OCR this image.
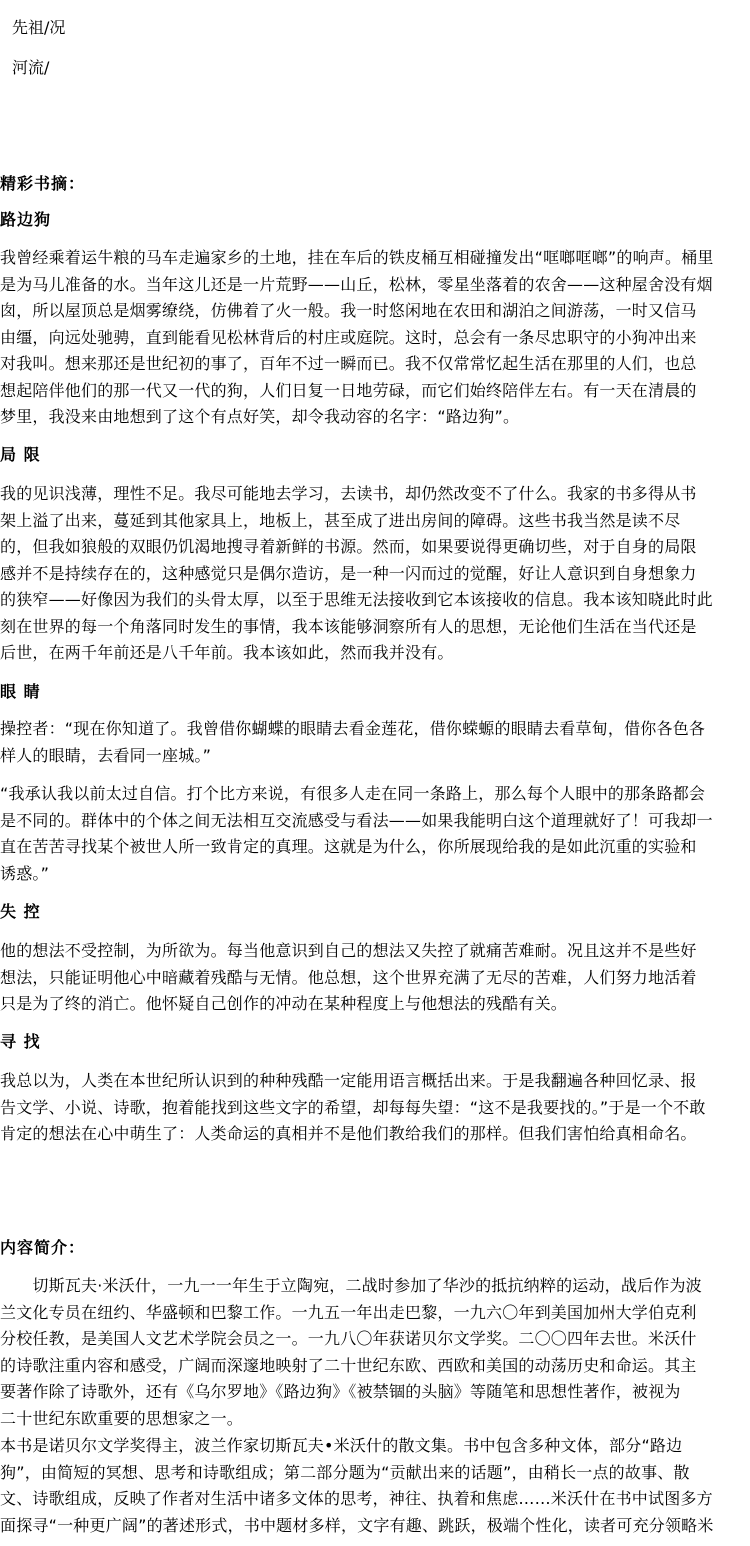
先祖/况
河流/
精彩书摘：
路边狗
我曾经乘着运牛粮的马车走遍家乡的土地，挂在车后的铁皮桶互相碰撞发出“哐啷哐啷”的响声。桶里
是为马儿准备的水。当年这儿还是一片荒野——山丘，松林，零星坐落着的农舍——这种屋舍没有烟
囱，所以屋顶总是烟雾缭绕，仿佛着了火一般。我一时悠闲地在农田和湖泊之间游荡，一时又信马
由缰，向远处驰骋，直到能看见松林背后的村庄或庭院。这时，总会有一条尽忠职守的小狗冲出来
对我叫。想来那还是世纪初的事了，百年不过一瞬而已。我不仅常常忆起生活在那里的人们，也总
想起陪伴他们的那一代又一代的狗，人们日复一日地劳碌，而它们始终陪伴左右。有一天在清晨的
梦里，我没来由地想到了这个有点好笑，却令我动容的名字：“路边狗”。
局 限
我的见识浅薄，理性不足。我尽可能地去学习，去读书，却仍然改变不了什么。我家的书多得从书
架上溢了出来，蔓延到其他家具上，地板上，甚至成了进出房间的障碍。这些书我当然是读不尽
的，但我如狼般的双眼仍饥渴地搜寻着新鲜的书源。然而，如果要说得更确切些，对于自身的局限
感并不是持续存在的，这种感觉只是偶尔造访，是一种一闪而过的觉醒，好让人意识到自身想象力
的狭窄——好像因为我们的头骨太厚，以至于思维无法接收到它本该接收的信息。我本该知晓此时此
刻在世界的每一个角落同时发生的事情，我本该能够洞察所有人的思想，无论他们生活在当代还是
后世，在两千年前还是八千年前。我本该如此，然而我并没有。
眼 睛
操控者：“现在你知道了。我曾借你蝴蝶的眼睛去看金莲花，借你蝾螈的眼睛去看草甸，借你各色各
样人的眼睛，去看同一座城。”
“我承认我以前太过自信。打个比方来说，有很多人走在同一条路上，那么每个人眼中的那条路都会
是不同的。群体中的个体之间无法相互交流感受与看法——如果我能明白这个道理就好了！可我却一
直在苦苦寻找某个被世人所一致肯定的真理。这就是为什么，你所展现给我的是如此沉重的实验和
诱惑。”
失 控
他的想法不受控制，为所欲为。每当他意识到自己的想法又失控了就痛苦难耐。况且这并不是些好
想法，只能证明他心中暗藏着残酷与无情。他总想，这个世界充满了无尽的苦难，人们努力地活着
只是为了终的消亡。他怀疑自己创作的冲动在某种程度上与他想法的残酷有关。
寻 找
我总以为，人类在本世纪所认识到的种种残酷一定能用语言概括出来。于是我翻遍各种回忆录、报
告文学、小说、诗歌，抱着能找到这些文字的希望，却每每失望：“这不是我要找的。”于是一个不敢
肯定的想法在心中萌生了：人类命运的真相并不是他们教给我们的那样。但我们害怕给真相命名。
内容简介：
　　切斯瓦夫·米沃什，一九一一年生于立陶宛，二战时参加了华沙的抵抗纳粹的运动，战后作为波
兰文化专员在纽约、华盛顿和巴黎工作。一九五一年出走巴黎，一九六〇年到美国加州大学伯克利
分校任教，是美国人文艺术学院会员之一。一九八〇年获诺贝尔文学奖。二〇〇四年去世。米沃什
的诗歌注重内容和感受，广阔而深邃地映射了二十世纪东欧、西欧和美国的动荡历史和命运。其主
要著作除了诗歌外，还有《乌尔罗地》《路边狗》《被禁锢的头脑》等随笔和思想性著作，被视为
二十世纪东欧重要的思想家之一。
本书是诺贝尔文学奖得主，波兰作家切斯瓦夫•米沃什的散文集。书中包含多种文体，部分“路边
狗”，由简短的冥想、思考和诗歌组成；第二部分题为“贡献出来的话题”，由稍长一点的故事、散
文、诗歌组成，反映了作者对生活中诸多文体的思考，神往、执着和焦虑……米沃什在书中试图多方
面探寻“一种更广阔”的著述形式，书中题材多样，文字有趣、跳跃，极端个性化，读者可充分领略米
